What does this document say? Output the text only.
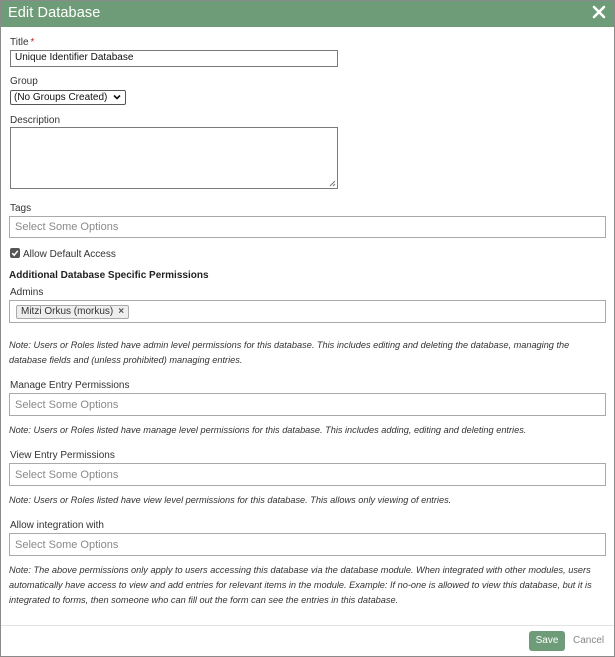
Edit Database
Title *
Unique Identifier Database
Group
(No Groups Created)
Description
Tags
Select Some Options
Allow Default Access
Additional Database Specific Permissions
Admins
Mitzi Orkus (morkus) ×
Note: Users or Roles listed have admin level permissions for this database. This includes editing and deleting the database, managing the database fields and (unless prohibited) managing entries.
Manage Entry Permissions
Select Some Options
Note: Users or Roles listed have manage level permissions for this database. This includes adding, editing and deleting entries.
View Entry Permissions
Select Some Options
Note: Users or Roles listed have view level permissions for this database. This allows only viewing of entries.
Allow integration with
Select Some Options
Note: The above permissions only apply to users accessing this database via the database module. When integrated with other modules, users automatically have access to view and add entries for relevant items in the module. Example: If no-one is allowed to view this database, but it is integrated to forms, then someone who can fill out the form can see the entries in this database.
Save	Cancel
